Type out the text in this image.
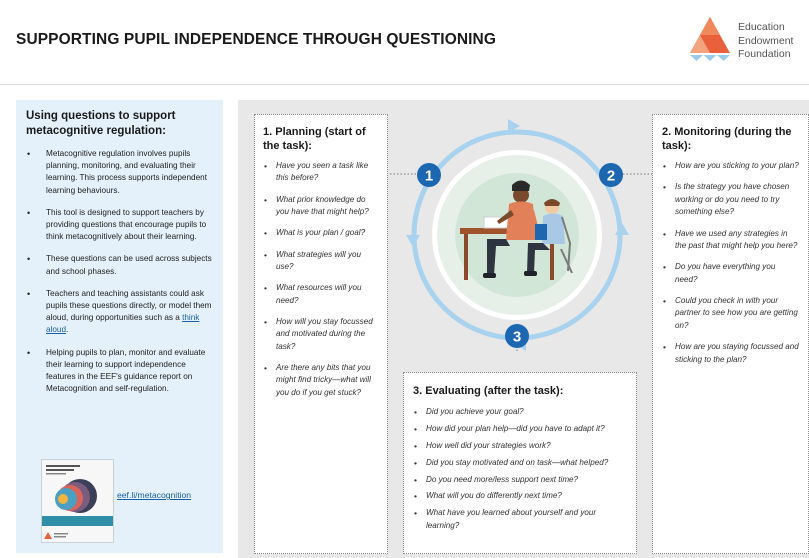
SUPPORTING PUPIL INDEPENDENCE THROUGH QUESTIONING
Education
Endowment
Foundation
Using questions to support metacognitive regulation:
• Metacognitive regulation involves pupils planning, monitoring, and evaluating their learning. This process supports independent learning behaviours.
• This tool is designed to support teachers by providing questions that encourage pupils to think metacognitively about their learning.
• These questions can be used across subjects and school phases.
• Teachers and teaching assistants could ask pupils these questions directly, or model them aloud, during opportunities such as a think aloud.
• Helping pupils to plan, monitor and evaluate their learning to support independence features in the EEF's guidance report on Metacognition and self-regulation.
eef.li/metacognition
1	2
3
1. Planning (start of the task):
• Have you seen a task like this before?
• What prior knowledge do you have that might help?
• What is your plan / goal?
• What strategies will you use?
• What resources will you need?
• How will you stay focussed and motivated during the task?
• Are there any bits that you might find tricky—what will you do if you get stuck?
2. Monitoring (during the task):
• How are you sticking to your plan?
• Is the strategy you have chosen working or do you need to try something else?
• Have we used any strategies in the past that might help you here?
• Do you have everything you need?
• Could you check in with your partner to see how you are getting on?
• How are you staying focussed and sticking to the plan?
3. Evaluating (after the task):
• Did you achieve your goal?
• How did your plan help—did you have to adapt it?
• How well did your strategies work?
• Did you stay motivated and on task—what helped?
• Do you need more/less support next time?
• What will you do differently next time?
• What have you learned about yourself and your learning?
